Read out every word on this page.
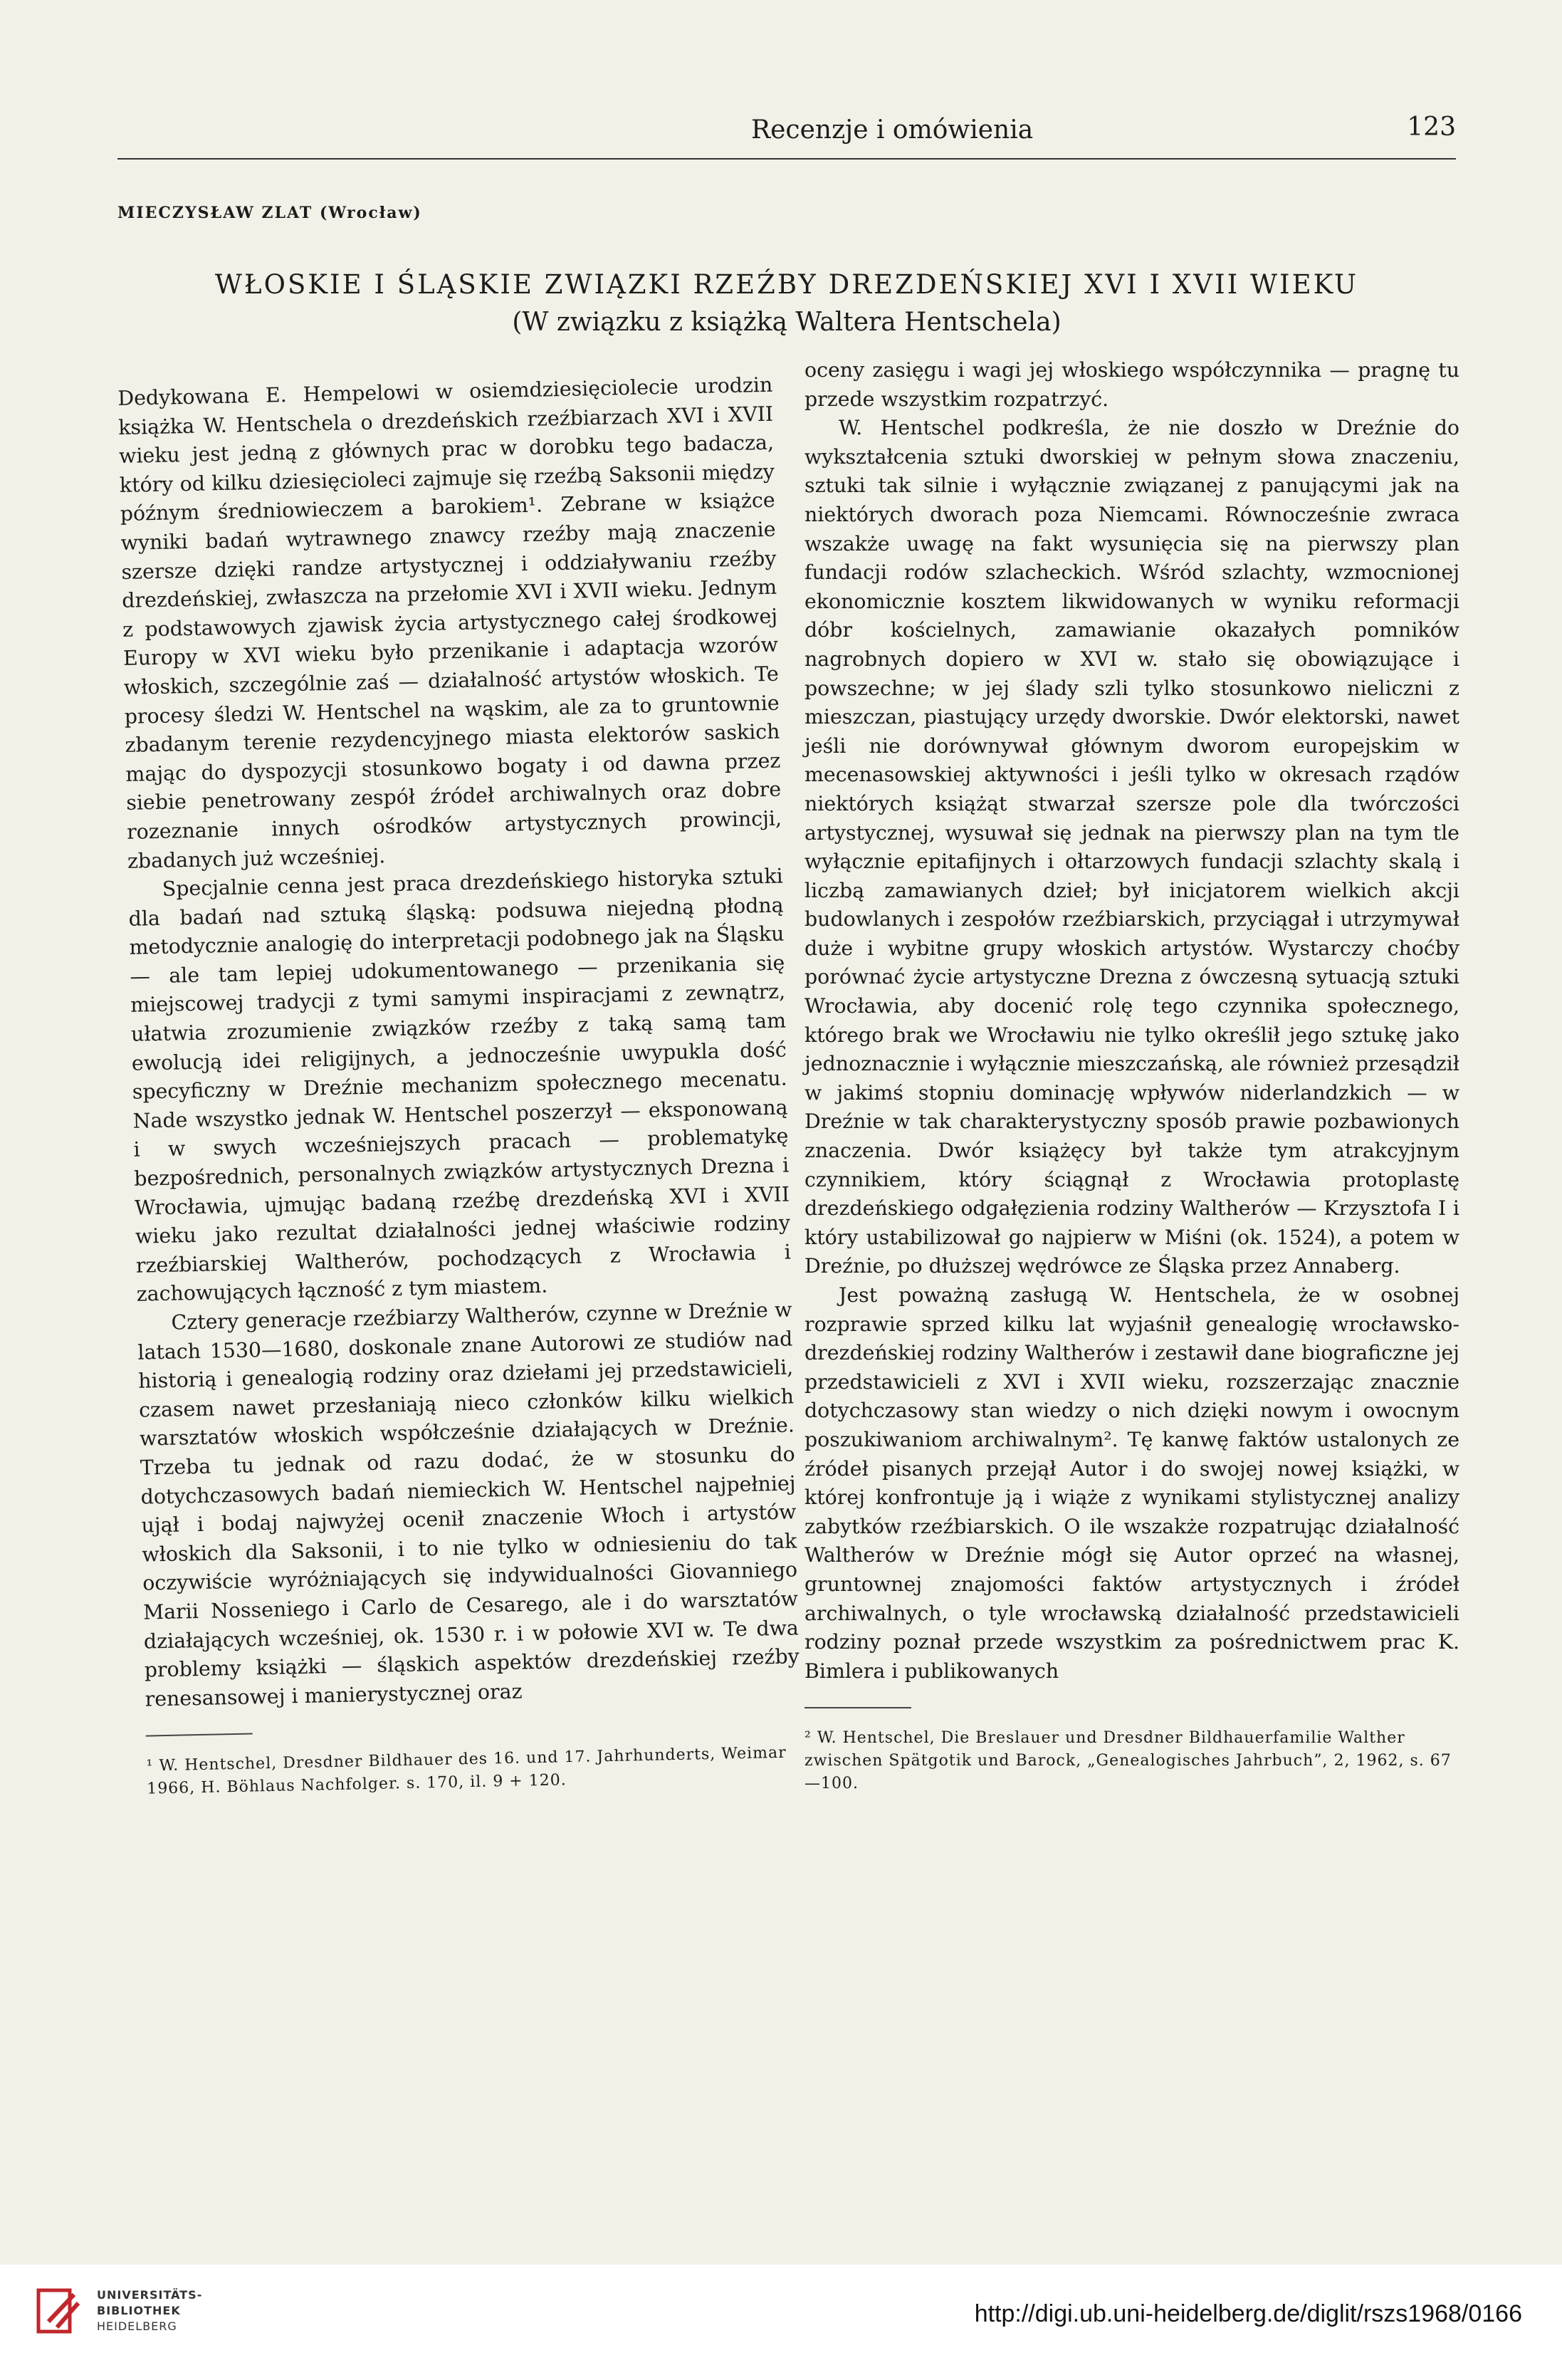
Recenzje i omówienia	123
MIECZYSŁAW ZLAT (Wrocław)
WŁOSKIE I ŚLĄSKIE ZWIĄZKI RZEŹBY DREZDEŃSKIEJ XVI I XVII WIEKU
(W związku z książką Waltera Hentschela)

Dedykowana E. Hempelowi w osiemdziesięciolecie urodzin książka W. Hentschela o drezdeńskich rzeźbiarzach XVI i XVII wieku jest jedną z głównych prac w dorobku tego badacza, który od kilku dziesięcioleci zajmuje się rzeźbą Saksonii między późnym średniowieczem a barokiem¹. Zebrane w książce wyniki badań wytrawnego znawcy rzeźby mają znaczenie szersze dzięki randze artystycznej i oddziaływaniu rzeźby drezdeńskiej, zwłaszcza na przełomie XVI i XVII wieku. Jednym z podstawowych zjawisk życia artystycznego całej środkowej Europy w XVI wieku było przenikanie i adaptacja wzorów włoskich, szczególnie zaś — działalność artystów włoskich. Te procesy śledzi W. Hentschel na wąskim, ale za to gruntownie zbadanym terenie rezydencyjnego miasta elektorów saskich mając do dyspozycji stosunkowo bogaty i od dawna przez siebie penetrowany zespół źródeł archiwalnych oraz dobre rozeznanie innych ośrodków artystycznych prowincji, zbadanych już wcześniej.

Specjalnie cenna jest praca drezdeńskiego historyka sztuki dla badań nad sztuką śląską: podsuwa niejedną płodną metodycznie analogię do interpretacji podobnego jak na Śląsku — ale tam lepiej udokumentowanego — przenikania się miejscowej tradycji z tymi samymi inspiracjami z zewnątrz, ułatwia zrozumienie związków rzeźby z taką samą tam ewolucją idei religijnych, a jednocześnie uwypukla dość specyficzny w Dreźnie mechanizm społecznego mecenatu. Nade wszystko jednak W. Hentschel poszerzył — eksponowaną i w swych wcześniejszych pracach — problematykę bezpośrednich, personalnych związków artystycznych Drezna i Wrocławia, ujmując badaną rzeźbę drezdeńską XVI i XVII wieku jako rezultat działalności jednej właściwie rodziny rzeźbiarskiej Waltherów, pochodzących z Wrocławia i zachowujących łączność z tym miastem.

Cztery generacje rzeźbiarzy Waltherów, czynne w Dreźnie w latach 1530—1680, doskonale znane Autorowi ze studiów nad historią i genealogią rodziny oraz dziełami jej przedstawicieli, czasem nawet przesłaniają nieco członków kilku wielkich warsztatów włoskich współcześnie działających w Dreźnie. Trzeba tu jednak od razu dodać, że w stosunku do dotychczasowych badań niemieckich W. Hentschel najpełniej ujął i bodaj najwyżej ocenił znaczenie Włoch i artystów włoskich dla Saksonii, i to nie tylko w odniesieniu do tak oczywiście wyróżniających się indywidualności Giovanniego Marii Nosseniego i Carlo de Cesarego, ale i do warsztatów działających wcześniej, ok. 1530 r. i w połowie XVI w. Te dwa problemy książki — śląskich aspektów drezdeńskiej rzeźby renesansowej i manierystycznej oraz

¹ W. Hentschel, Dresdner Bildhauer des 16. und 17. Jahrhunderts, Weimar 1966, H. Böhlaus Nachfolger. s. 170, il. 9 + 120.

oceny zasięgu i wagi jej włoskiego współczynnika — pragnę tu przede wszystkim rozpatrzyć.

W. Hentschel podkreśla, że nie doszło w Dreźnie do wykształcenia sztuki dworskiej w pełnym słowa znaczeniu, sztuki tak silnie i wyłącznie związanej z panującymi jak na niektórych dworach poza Niemcami. Równocześnie zwraca wszakże uwagę na fakt wysunięcia się na pierwszy plan fundacji rodów szlacheckich. Wśród szlachty, wzmocnionej ekonomicznie kosztem likwidowanych w wyniku reformacji dóbr kościelnych, zamawianie okazałych pomników nagrobnych dopiero w XVI w. stało się obowiązujące i powszechne; w jej ślady szli tylko stosunkowo nieliczni z mieszczan, piastujący urzędy dworskie. Dwór elektorski, nawet jeśli nie dorównywał głównym dworom europejskim w mecenasowskiej aktywności i jeśli tylko w okresach rządów niektórych książąt stwarzał szersze pole dla twórczości artystycznej, wysuwał się jednak na pierwszy plan na tym tle wyłącznie epitafijnych i ołtarzowych fundacji szlachty skalą i liczbą zamawianych dzieł; był inicjatorem wielkich akcji budowlanych i zespołów rzeźbiarskich, przyciągał i utrzymywał duże i wybitne grupy włoskich artystów. Wystarczy choćby porównać życie artystyczne Drezna z ówczesną sytuacją sztuki Wrocławia, aby docenić rolę tego czynnika społecznego, którego brak we Wrocławiu nie tylko określił jego sztukę jako jednoznacznie i wyłącznie mieszczańską, ale również przesądził w jakimś stopniu dominację wpływów niderlandzkich — w Dreźnie w tak charakterystyczny sposób prawie pozbawionych znaczenia. Dwór książęcy był także tym atrakcyjnym czynnikiem, który ściągnął z Wrocławia protoplastę drezdeńskiego odgałęzienia rodziny Waltherów — Krzysztofa I i który ustabilizował go najpierw w Miśni (ok. 1524), a potem w Dreźnie, po dłuższej wędrówce ze Śląska przez Annaberg.

Jest poważną zasługą W. Hentschela, że w osobnej rozprawie sprzed kilku lat wyjaśnił genealogię wrocławsko-drezdeńskiej rodziny Waltherów i zestawił dane biograficzne jej przedstawicieli z XVI i XVII wieku, rozszerzając znacznie dotychczasowy stan wiedzy o nich dzięki nowym i owocnym poszukiwaniom archiwalnym². Tę kanwę faktów ustalonych ze źródeł pisanych przejął Autor i do swojej nowej książki, w której konfrontuje ją i wiąże z wynikami stylistycznej analizy zabytków rzeźbiarskich. O ile wszakże rozpatrując działalność Waltherów w Dreźnie mógł się Autor oprzeć na własnej, gruntownej znajomości faktów artystycznych i źródeł archiwalnych, o tyle wrocławską działalność przedstawicieli rodziny poznał przede wszystkim za pośrednictwem prac K. Bimlera i publikowanych

² W. Hentschel, Die Breslauer und Dresdner Bildhauerfamilie Walther zwischen Spätgotik und Barock, „Genealogisches Jahrbuch”, 2, 1962, s. 67—100.
UNIVERSITÄTS-
BIBLIOTHEK
HEIDELBERG	http://digi.ub.uni-heidelberg.de/diglit/rszs1968/0166
